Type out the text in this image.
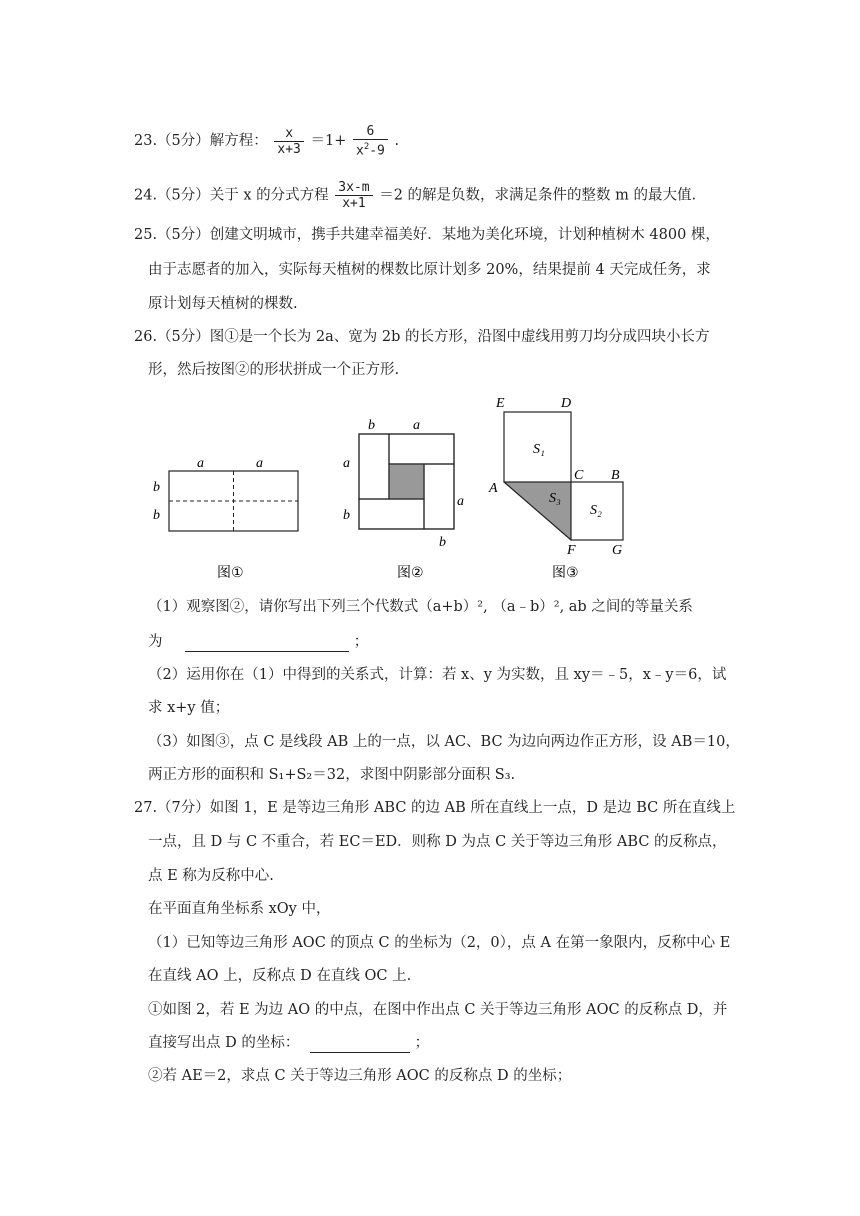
23.（5分）解方程： $\frac{x}{x+3} =1+ \frac{6}{x^2-9}$ .
24.（5分）关于 x 的分式方程 $\frac{3x-m}{x+1} =2$ 的解是负数，求满足条件的整数 m 的最大值.
25.（5分）创建文明城市，携手共建幸福美好．某地为美化环境，计划种植树木 4800 棵，
由于志愿者的加入，实际每天植树的棵数比原计划多 20%，结果提前 4 天完成任务，求
原计划每天植树的棵数.
26.（5分）图①是一个长为 2a、宽为 2b 的长方形，沿图中虚线用剪刀均分成四块小长方
形，然后按图②的形状拼成一个正方形.
a	a
b
b
图①
b	a
a
b
a
b
图②
E	D
S₁
C B
A
S₃
S₂
F	G
图③
（1）观察图②，请你写出下列三个代数式（a+b）², （a﹣b）², ab 之间的等量关系
为	；
（2）运用你在（1）中得到的关系式，计算：若 x、y 为实数，且 xy＝﹣5，x﹣y＝6，试
求 x+y 值；
（3）如图③，点 C 是线段 AB 上的一点，以 AC、BC 为边向两边作正方形，设 AB＝10，
两正方形的面积和 S₁+S₂＝32，求图中阴影部分面积 S₃.
27.（7分）如图 1，E 是等边三角形 ABC 的边 AB 所在直线上一点，D 是边 BC 所在直线上
一点，且 D 与 C 不重合，若 EC＝ED．则称 D 为点 C 关于等边三角形 ABC 的反称点，
点 E 称为反称中心.
在平面直角坐标系 xOy 中，
（1）已知等边三角形 AOC 的顶点 C 的坐标为（2，0），点 A 在第一象限内，反称中心 E
在直线 AO 上，反称点 D 在直线 OC 上.
①如图 2，若 E 为边 AO 的中点，在图中作出点 C 关于等边三角形 AOC 的反称点 D，并
直接写出点 D 的坐标：	；
②若 AE＝2，求点 C 关于等边三角形 AOC 的反称点 D 的坐标；
